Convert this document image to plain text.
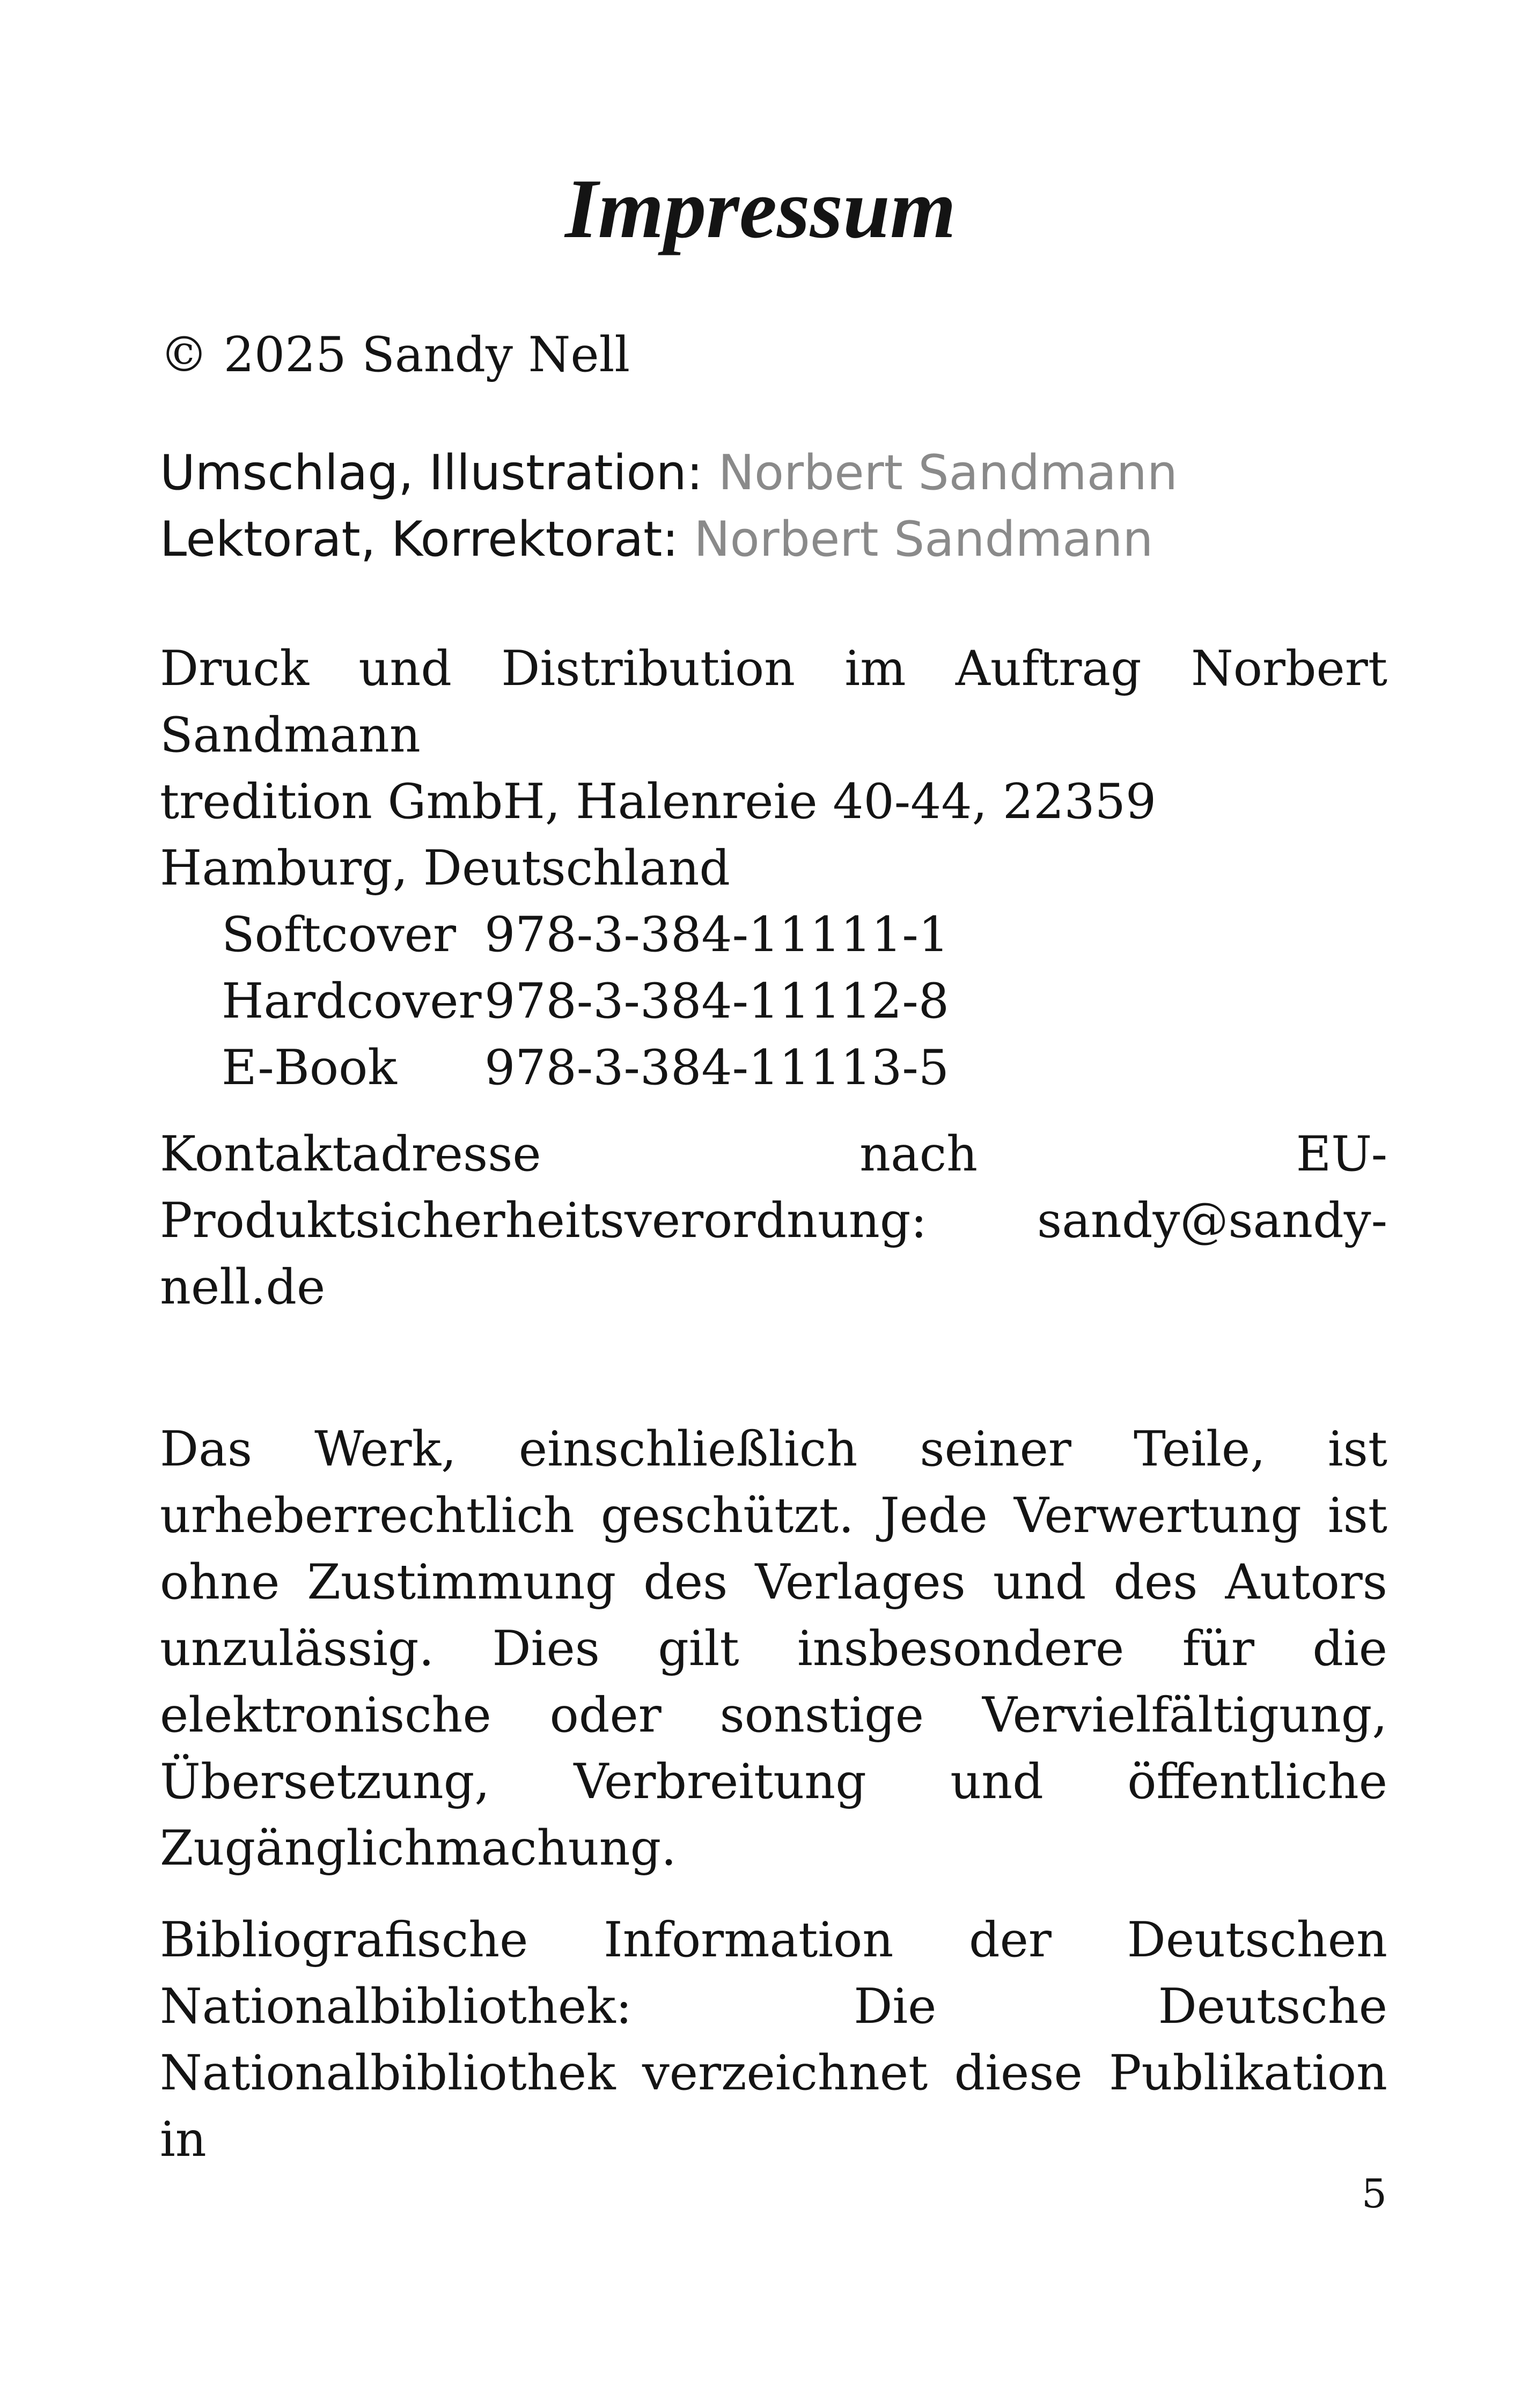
Impressum

© 2025 Sandy Nell

Umschlag, Illustration: Norbert Sandmann
Lektorat, Korrektorat: Norbert Sandmann

Druck und Distribution im Auftrag Norbert Sandmann

tredition GmbH, Halenreie 40-44, 22359 Hamburg, Deutschland

Softcover 978-3-384-11111-1
Hardcover 978-3-384-11112-8
E-Book	978-3-384-11113-5

Kontaktadresse nach EU-Produktsicherheitsverordnung: sandy@sandy-nell.de

Das Werk, einschließlich seiner Teile, ist urheberrechtlich geschützt. Jede Verwertung ist ohne Zustimmung des Verlages und des Autors unzulässig. Dies gilt insbesondere für die elektronische oder sonstige Vervielfältigung, Übersetzung, Verbreitung und öffentliche Zugänglichmachung.

Bibliografische Information der Deutschen Nationalbibliothek: Die Deutsche Nationalbibliothek verzeichnet diese Publikation in

5
